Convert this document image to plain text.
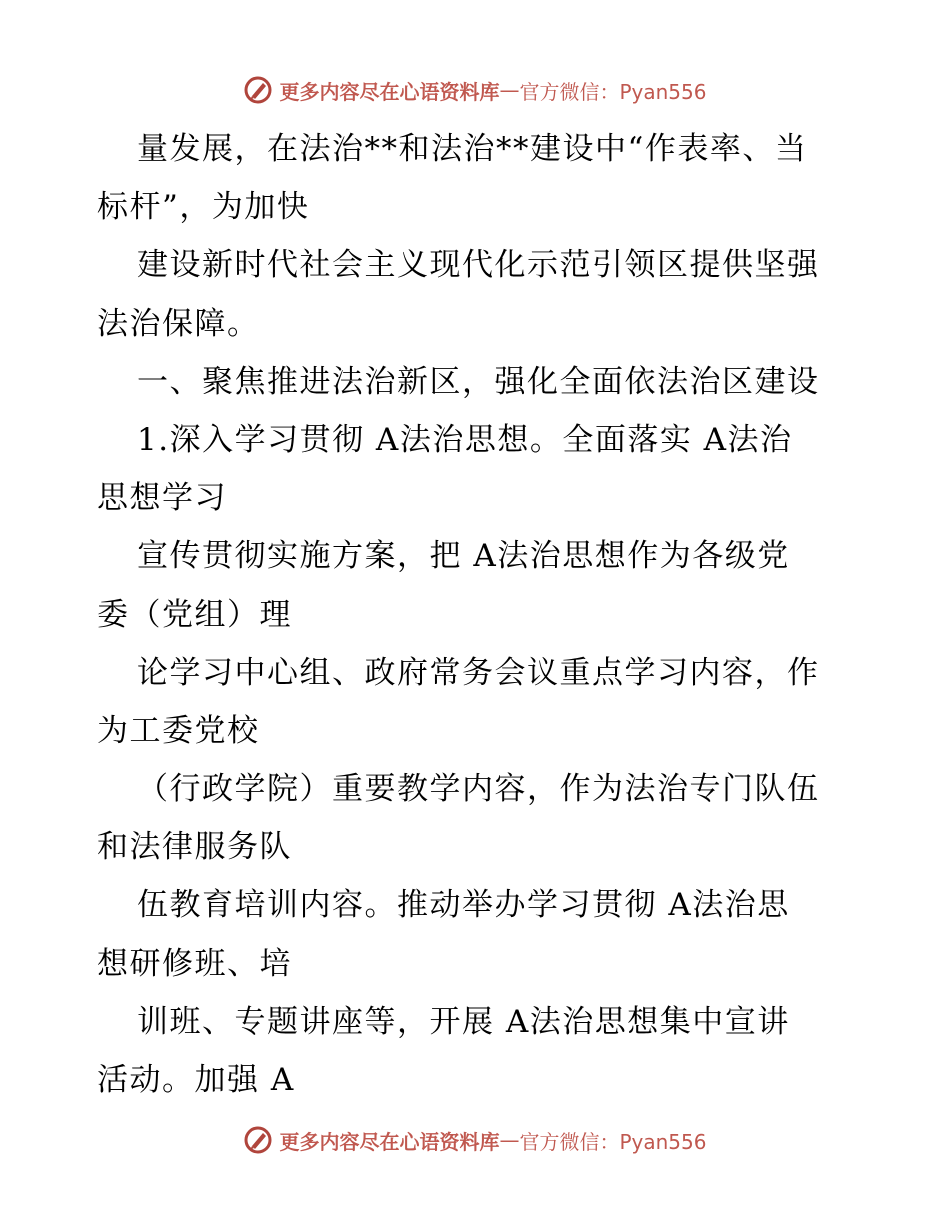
更多内容尽在心语资料库 — 官方微信：Pyan556
量发展，在法治**和法治**建设中“作表率、当
标杆”，为加快
建设新时代社会主义现代化示范引领区提供坚强
法治保障。
一、聚焦推进法治新区，强化全面依法治区建设
1.深入学习贯彻 A法治思想。全面落实 A法治
思想学习
宣传贯彻实施方案，把 A法治思想作为各级党
委（党组）理
论学习中心组、政府常务会议重点学习内容，作
为工委党校
（行政学院）重要教学内容，作为法治专门队伍
和法律服务队
伍教育培训内容。推动举办学习贯彻 A法治思
想研修班、培
训班、专题讲座等，开展 A法治思想集中宣讲
活动。加强 A
更多内容尽在心语资料库 — 官方微信：Pyan556
